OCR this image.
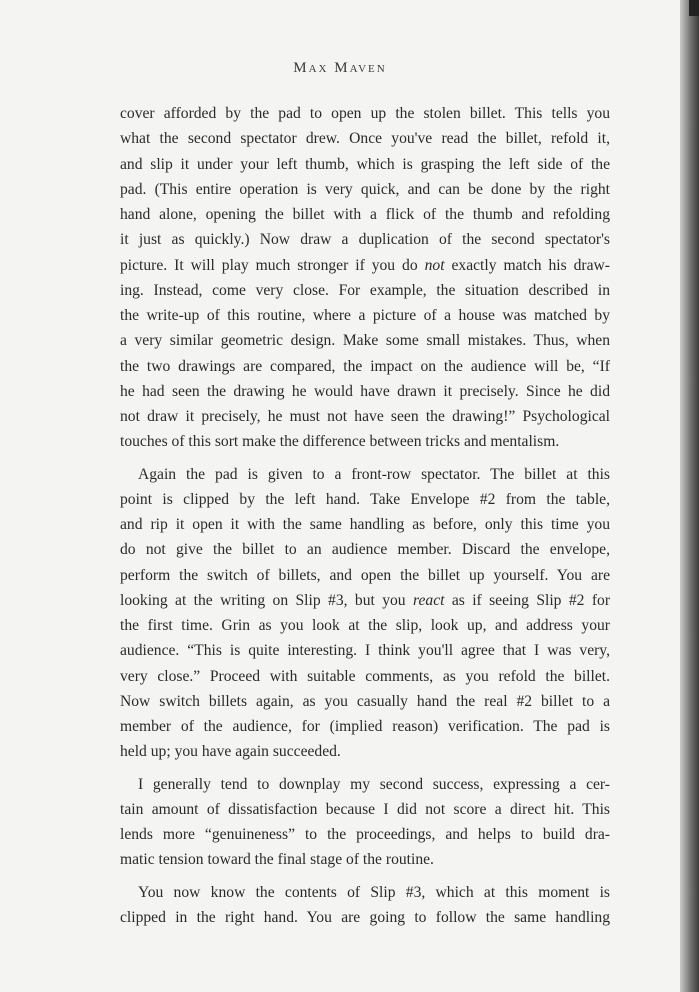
Max Maven
cover afforded by the pad to open up the stolen billet. This tells you
what the second spectator drew. Once you've read the billet, refold it,
and slip it under your left thumb, which is grasping the left side of the
pad. (This entire operation is very quick, and can be done by the right
hand alone, opening the billet with a flick of the thumb and refolding
it just as quickly.) Now draw a duplication of the second spectator's
picture. It will play much stronger if you do not exactly match his draw-
ing. Instead, come very close. For example, the situation described in
the write-up of this routine, where a picture of a house was matched by
a very similar geometric design. Make some small mistakes. Thus, when
the two drawings are compared, the impact on the audience will be, “If
he had seen the drawing he would have drawn it precisely. Since he did
not draw it precisely, he must not have seen the drawing!” Psychological
touches of this sort make the difference between tricks and mentalism.
Again the pad is given to a front-row spectator. The billet at this
point is clipped by the left hand. Take Envelope #2 from the table,
and rip it open it with the same handling as before, only this time you
do not give the billet to an audience member. Discard the envelope,
perform the switch of billets, and open the billet up yourself. You are
looking at the writing on Slip #3, but you react as if seeing Slip #2 for
the first time. Grin as you look at the slip, look up, and address your
audience. “This is quite interesting. I think you'll agree that I was very,
very close.” Proceed with suitable comments, as you refold the billet.
Now switch billets again, as you casually hand the real #2 billet to a
member of the audience, for (implied reason) verification. The pad is
held up; you have again succeeded.
I generally tend to downplay my second success, expressing a cer-
tain amount of dissatisfaction because I did not score a direct hit. This
lends more “genuineness” to the proceedings, and helps to build dra-
matic tension toward the final stage of the routine.
You now know the contents of Slip #3, which at this moment is
clipped in the right hand. You are going to follow the same handling
